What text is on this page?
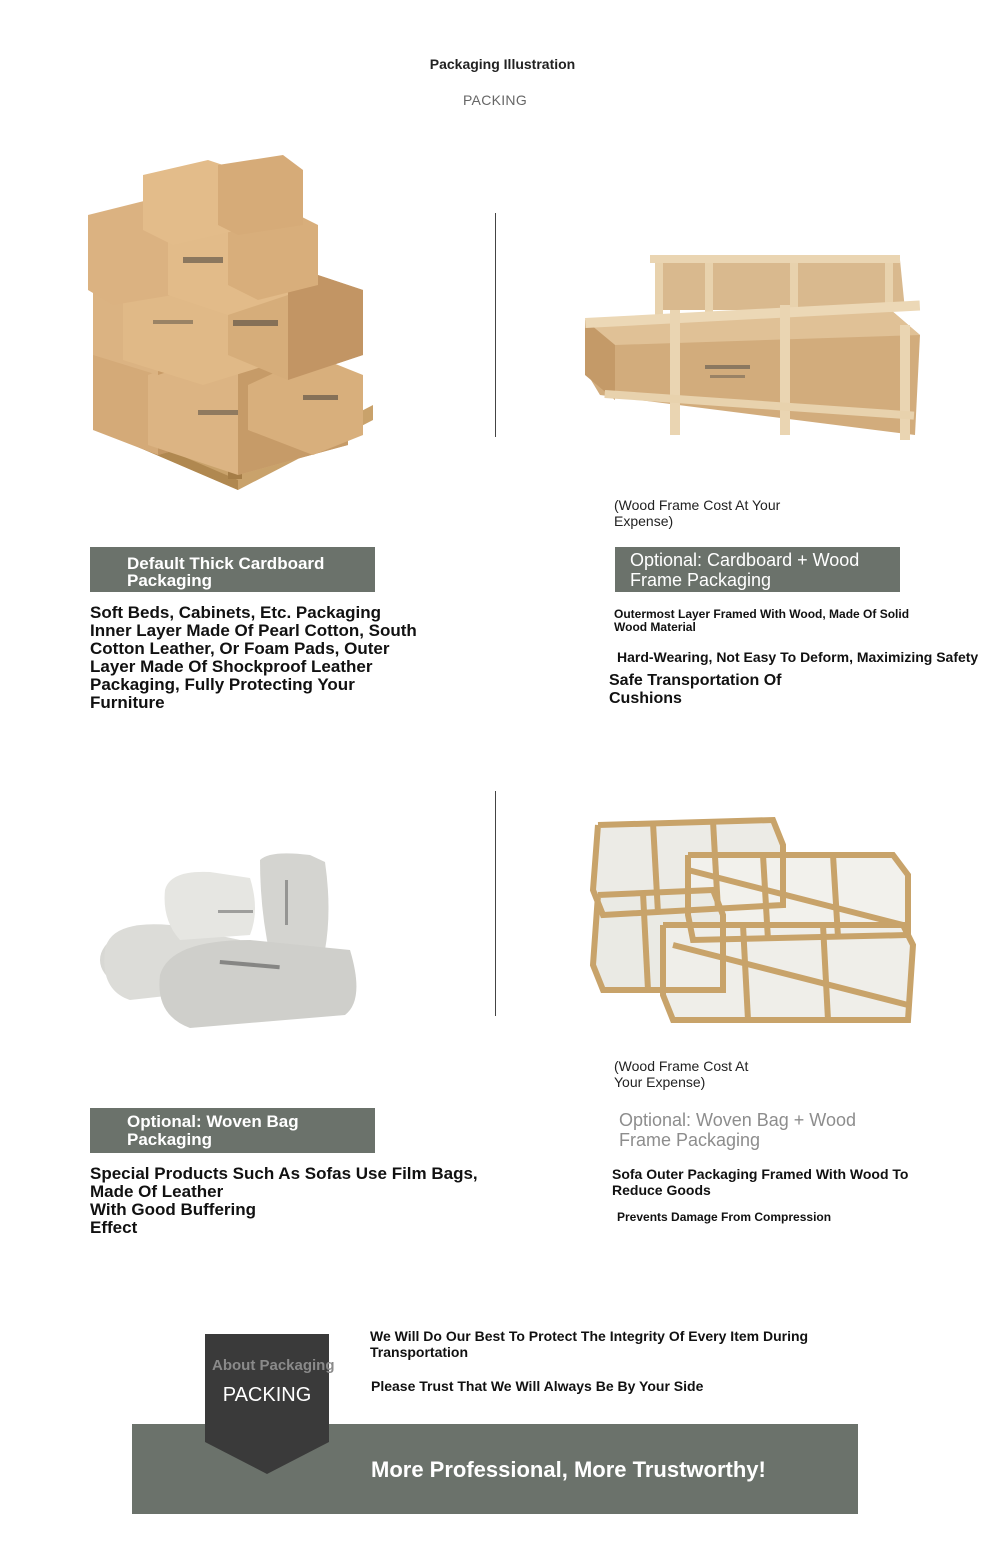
Packaging Illustration
PACKING
Default Thick Cardboard
Packaging
Soft Beds, Cabinets, Etc. Packaging
Inner Layer Made Of Pearl Cotton, South
Cotton Leather, Or Foam Pads, Outer
Layer Made Of Shockproof Leather
Packaging, Fully Protecting Your
Furniture
(Wood Frame Cost At Your
Expense)
Optional: Cardboard + Wood
Frame Packaging
Outermost Layer Framed With Wood, Made Of Solid
Wood Material
Hard-Wearing, Not Easy To Deform, Maximizing Safety
Safe Transportation Of
Cushions
Optional: Woven Bag
Packaging
Special Products Such As Sofas Use Film Bags,
Made Of Leather
With Good Buffering
Effect
(Wood Frame Cost At
Your Expense)
Optional: Woven Bag + Wood
Frame Packaging
Sofa Outer Packaging Framed With Wood To
Reduce Goods
Prevents Damage From Compression
About Packaging
PACKING
We Will Do Our Best To Protect The Integrity Of Every Item During
Transportation
Please Trust That We Will Always Be By Your Side
More Professional, More Trustworthy!
